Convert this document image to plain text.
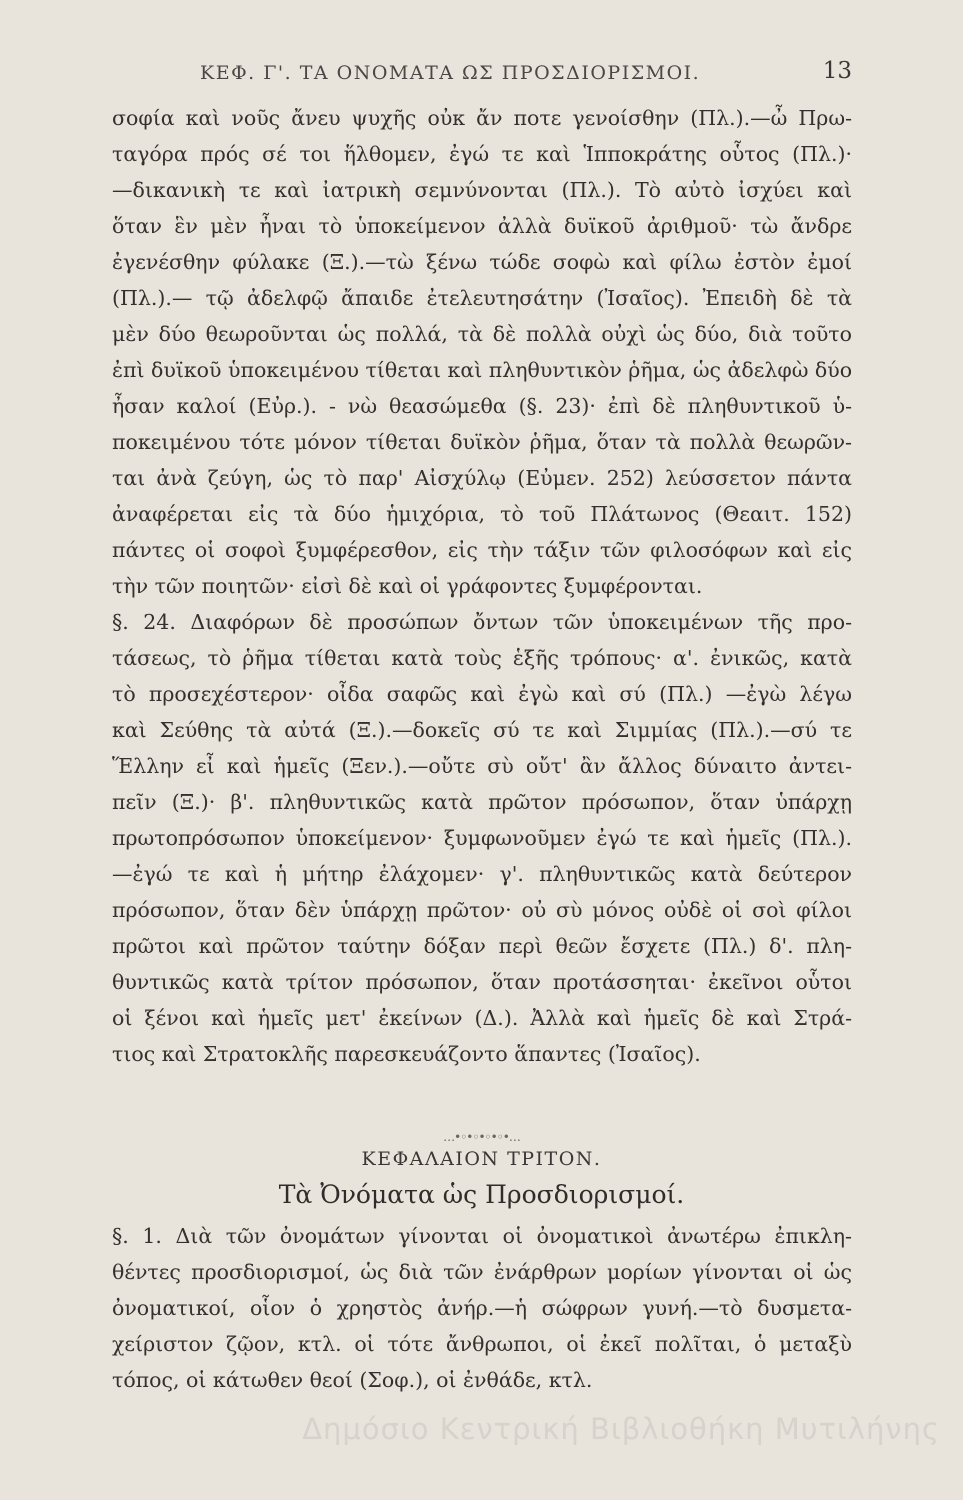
ΚΕΦ. Γ'. ΤΑ ΟΝΟΜΑΤΑ ΩΣ ΠΡΟΣΔΙΟΡΙΣΜΟΙ.	13
σοφία καὶ νοῦς ἄνευ ψυχῆς οὐκ ἄν ποτε γενοίσθην (Πλ.).—ὦ Πρω-
ταγόρα πρός σέ τοι ἥλθομεν, ἐγώ τε καὶ Ἱπποκράτης οὗτος (Πλ.)·
—δικανικὴ τε καὶ ἰατρικὴ σεμνύνονται (Πλ.). Τὸ αὐτὸ ἰσχύει καὶ
ὅταν ἓν μὲν ἦναι τὸ ὑποκείμενον ἀλλὰ δυϊκοῦ ἀριθμοῦ· τὼ ἄνδρε
ἐγενέσθην φύλακε (Ξ.).—τὼ ξένω τώδε σοφὼ καὶ φίλω ἐστὸν ἐμοί
(Πλ.).— τῷ ἀδελφῷ ἄπαιδε ἐτελευτησάτην (Ἰσαῖος). Ἐπειδὴ δὲ τὰ
μὲν δύο θεωροῦνται ὡς πολλά, τὰ δὲ πολλὰ οὐχὶ ὡς δύο, διὰ τοῦτο
ἐπὶ δυϊκοῦ ὑποκειμένου τίθεται καὶ πληθυντικὸν ῥῆμα, ὡς ἀδελφὼ δύο
ἦσαν καλοί (Εὐρ.). - νὼ θεασώμεθα (§. 23)· ἐπὶ δὲ πληθυντικοῦ ὑ-
ποκειμένου τότε μόνον τίθεται δυϊκὸν ῥῆμα, ὅταν τὰ πολλὰ θεωρῶν-
ται ἀνὰ ζεύγη, ὡς τὸ παρ' Αἰσχύλῳ (Εὐμεν. 252) λεύσσετον πάντα
ἀναφέρεται εἰς τὰ δύο ἡμιχόρια, τὸ τοῦ Πλάτωνος (Θεαιτ. 152)
πάντες οἱ σοφοὶ ξυμφέρεσθον, εἰς τὴν τάξιν τῶν φιλοσόφων καὶ εἰς
τὴν τῶν ποιητῶν· εἰσὶ δὲ καὶ οἱ γράφοντες ξυμφέρονται.
§. 24. Διαφόρων δὲ προσώπων ὄντων τῶν ὑποκειμένων τῆς προ-
τάσεως, τὸ ῥῆμα τίθεται κατὰ τοὺς ἑξῆς τρόπους· α'. ἐνικῶς, κατὰ
τὸ προσεχέστερον· οἶδα σαφῶς καὶ ἐγὼ καὶ σύ (Πλ.) —ἐγὼ λέγω
καὶ Σεύθης τὰ αὐτά (Ξ.).—δοκεῖς σύ τε καὶ Σιμμίας (Πλ.).—σύ τε
Ἕλλην εἶ καὶ ἡμεῖς (Ξεν.).—οὔτε σὺ οὔτ' ἂν ἄλλος δύναιτο ἀντει-
πεῖν (Ξ.)· β'. πληθυντικῶς κατὰ πρῶτον πρόσωπον, ὅταν ὑπάρχῃ
πρωτοπρόσωπον ὑποκείμενον· ξυμφωνοῦμεν ἐγώ τε καὶ ἡμεῖς (Πλ.).
—ἐγώ τε καὶ ἡ μήτηρ ἐλάχομεν· γ'. πληθυντικῶς κατὰ δεύτερον
πρόσωπον, ὅταν δὲν ὑπάρχῃ πρῶτον· οὐ σὺ μόνος οὐδὲ οἱ σοὶ φίλοι
πρῶτοι καὶ πρῶτον ταύτην δόξαν περὶ θεῶν ἔσχετε (Πλ.) δ'. πλη-
θυντικῶς κατὰ τρίτον πρόσωπον, ὅταν προτάσσηται· ἐκεῖνοι οὗτοι
οἱ ξένοι καὶ ἡμεῖς μετ' ἐκείνων (Δ.). Ἀλλὰ καὶ ἡμεῖς δὲ καὶ Στρά-
τιος καὶ Στρατοκλῆς παρεσκευάζοντο ἅπαντες (Ἰσαῖος).
…•◦•◦•◦•◦•…
ΚΕΦΑΛΑΙΟΝ ΤΡΙΤΟΝ.
Τὰ Ὀνόματα ὡς Προσδιορισμοί.
§. 1. Διὰ τῶν ὀνομάτων γίνονται οἱ ὀνοματικοὶ ἀνωτέρω ἐπικλη-
θέντες προσδιορισμοί, ὡς διὰ τῶν ἐνάρθρων μορίων γίνονται οἱ ὡς
ὀνοματικοί, οἷον ὁ χρηστὸς ἀνήρ.—ἡ σώφρων γυνή.—τὸ δυσμετα-
χείριστον ζῷον, κτλ. οἱ τότε ἄνθρωποι, οἱ ἐκεῖ πολῖται, ὁ μεταξὺ
τόπος, οἱ κάτωθεν θεοί (Σοφ.), οἱ ἐνθάδε, κτλ.
Δημόσιο Κεντρική Βιβλιοθήκη Μυτιλήνης
